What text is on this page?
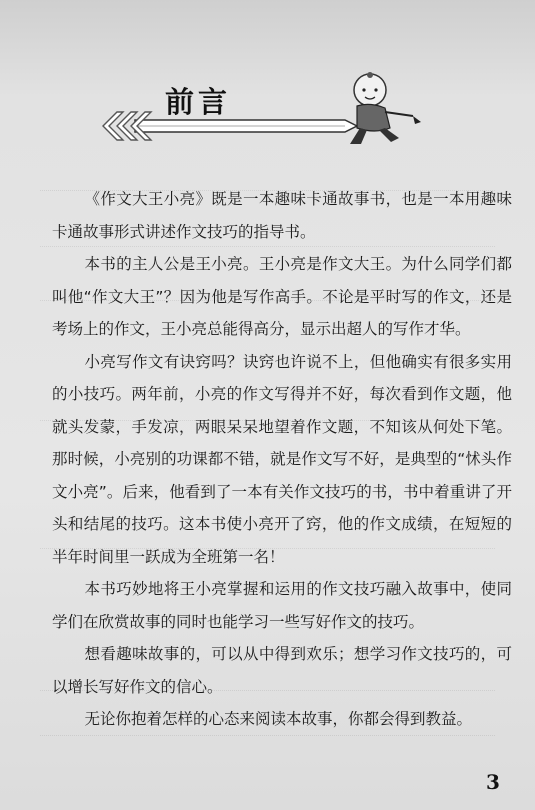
前言

《作文大王小亮》既是一本趣味卡通故事书，也是一本用趣味卡通故事形式讲述作文技巧的指导书。

本书的主人公是王小亮。王小亮是作文大王。为什么同学们都叫他“作文大王”？因为他是写作高手。不论是平时写的作文，还是考场上的作文，王小亮总能得高分，显示出超人的写作才华。

小亮写作文有诀窍吗？诀窍也许说不上，但他确实有很多实用的小技巧。两年前，小亮的作文写得并不好，每次看到作文题，他就头发蒙，手发凉，两眼呆呆地望着作文题，不知该从何处下笔。那时候，小亮别的功课都不错，就是作文写不好，是典型的“怵头作文小亮”。后来，他看到了一本有关作文技巧的书，书中着重讲了开头和结尾的技巧。这本书使小亮开了窍，他的作文成绩，在短短的半年时间里一跃成为全班第一名！

本书巧妙地将王小亮掌握和运用的作文技巧融入故事中，使同学们在欣赏故事的同时也能学习一些写好作文的技巧。

想看趣味故事的，可以从中得到欢乐；想学习作文技巧的，可以增长写好作文的信心。

无论你抱着怎样的心态来阅读本故事，你都会得到教益。

3
